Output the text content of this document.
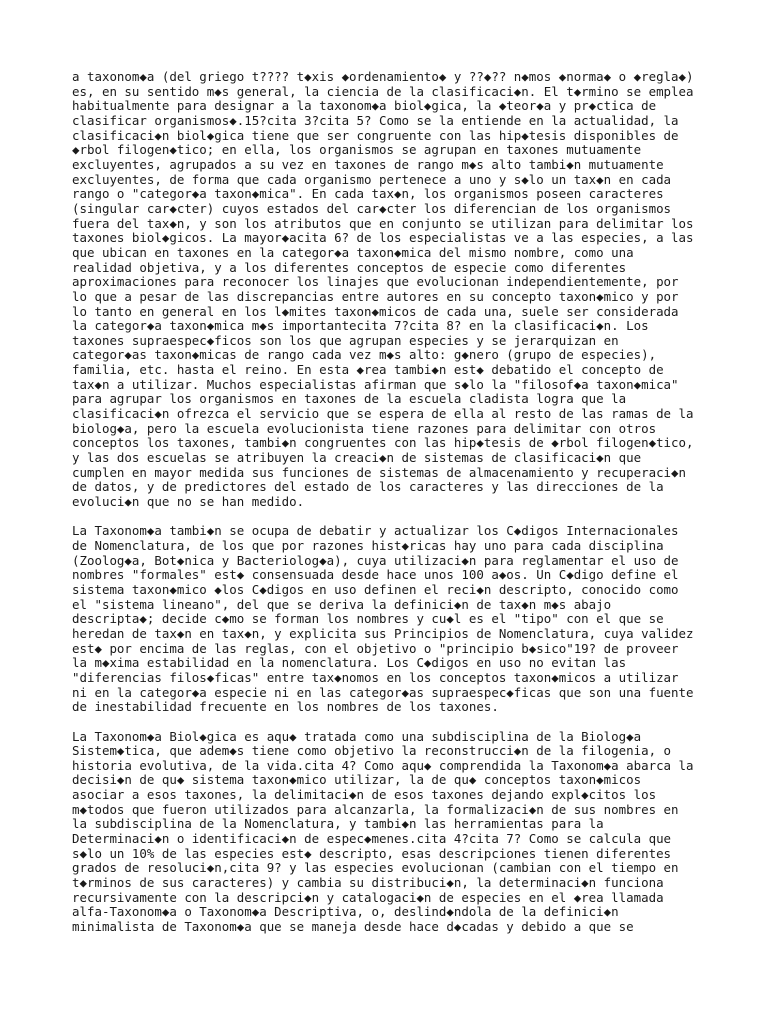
a taxonom◆a (del griego t???? t◆xis ◆ordenamiento◆ y ??◆?? n◆mos ◆norma◆ o ◆regla◆)
es, en su sentido m◆s general, la ciencia de la clasificaci◆n. El t◆rmino se emplea
habitualmente para designar a la taxonom◆a biol◆gica, la ◆teor◆a y pr◆ctica de
clasificar organismos◆.15?cita 3?cita 5? Como se la entiende en la actualidad, la
clasificaci◆n biol◆gica tiene que ser congruente con las hip◆tesis disponibles de
◆rbol filogen◆tico; en ella, los organismos se agrupan en taxones mutuamente
excluyentes, agrupados a su vez en taxones de rango m◆s alto tambi◆n mutuamente
excluyentes, de forma que cada organismo pertenece a uno y s◆lo un tax◆n en cada
rango o "categor◆a taxon◆mica". En cada tax◆n, los organismos poseen caracteres
(singular car◆cter) cuyos estados del car◆cter los diferencian de los organismos
fuera del tax◆n, y son los atributos que en conjunto se utilizan para delimitar los
taxones biol◆gicos. La mayor◆acita 6? de los especialistas ve a las especies, a las
que ubican en taxones en la categor◆a taxon◆mica del mismo nombre, como una
realidad objetiva, y a los diferentes conceptos de especie como diferentes
aproximaciones para reconocer los linajes que evolucionan independientemente, por
lo que a pesar de las discrepancias entre autores en su concepto taxon◆mico y por
lo tanto en general en los l◆mites taxon◆micos de cada una, suele ser considerada
la categor◆a taxon◆mica m◆s importantecita 7?cita 8? en la clasificaci◆n. Los
taxones supraespec◆ficos son los que agrupan especies y se jerarquizan en
categor◆as taxon◆micas de rango cada vez m◆s alto: g◆nero (grupo de especies),
familia, etc. hasta el reino. En esta ◆rea tambi◆n est◆ debatido el concepto de
tax◆n a utilizar. Muchos especialistas afirman que s◆lo la "filosof◆a taxon◆mica"
para agrupar los organismos en taxones de la escuela cladista logra que la
clasificaci◆n ofrezca el servicio que se espera de ella al resto de las ramas de la
biolog◆a, pero la escuela evolucionista tiene razones para delimitar con otros
conceptos los taxones, tambi◆n congruentes con las hip◆tesis de ◆rbol filogen◆tico,
y las dos escuelas se atribuyen la creaci◆n de sistemas de clasificaci◆n que
cumplen en mayor medida sus funciones de sistemas de almacenamiento y recuperaci◆n
de datos, y de predictores del estado de los caracteres y las direcciones de la
evoluci◆n que no se han medido.

La Taxonom◆a tambi◆n se ocupa de debatir y actualizar los C◆digos Internacionales
de Nomenclatura, de los que por razones hist◆ricas hay uno para cada disciplina
(Zoolog◆a, Bot◆nica y Bacteriolog◆a), cuya utilizaci◆n para reglamentar el uso de
nombres "formales" est◆ consensuada desde hace unos 100 a◆os. Un C◆digo define el
sistema taxon◆mico ◆los C◆digos en uso definen el reci◆n descripto, conocido como
el "sistema lineano", del que se deriva la definici◆n de tax◆n m◆s abajo
descripta◆; decide c◆mo se forman los nombres y cu◆l es el "tipo" con el que se
heredan de tax◆n en tax◆n, y explicita sus Principios de Nomenclatura, cuya validez
est◆ por encima de las reglas, con el objetivo o "principio b◆sico"19? de proveer
la m◆xima estabilidad en la nomenclatura. Los C◆digos en uso no evitan las
"diferencias filos◆ficas" entre tax◆nomos en los conceptos taxon◆micos a utilizar
ni en la categor◆a especie ni en las categor◆as supraespec◆ficas que son una fuente
de inestabilidad frecuente en los nombres de los taxones.

La Taxonom◆a Biol◆gica es aqu◆ tratada como una subdisciplina de la Biolog◆a
Sistem◆tica, que adem◆s tiene como objetivo la reconstrucci◆n de la filogenia, o
historia evolutiva, de la vida.cita 4? Como aqu◆ comprendida la Taxonom◆a abarca la
decisi◆n de qu◆ sistema taxon◆mico utilizar, la de qu◆ conceptos taxon◆micos
asociar a esos taxones, la delimitaci◆n de esos taxones dejando expl◆citos los
m◆todos que fueron utilizados para alcanzarla, la formalizaci◆n de sus nombres en
la subdisciplina de la Nomenclatura, y tambi◆n las herramientas para la
Determinaci◆n o identificaci◆n de espec◆menes.cita 4?cita 7? Como se calcula que
s◆lo un 10% de las especies est◆ descripto, esas descripciones tienen diferentes
grados de resoluci◆n,cita 9? y las especies evolucionan (cambian con el tiempo en
t◆rminos de sus caracteres) y cambia su distribuci◆n, la determinaci◆n funciona
recursivamente con la descripci◆n y catalogaci◆n de especies en el ◆rea llamada
alfa-Taxonom◆a o Taxonom◆a Descriptiva, o, deslind◆ndola de la definici◆n
minimalista de Taxonom◆a que se maneja desde hace d◆cadas y debido a que se
